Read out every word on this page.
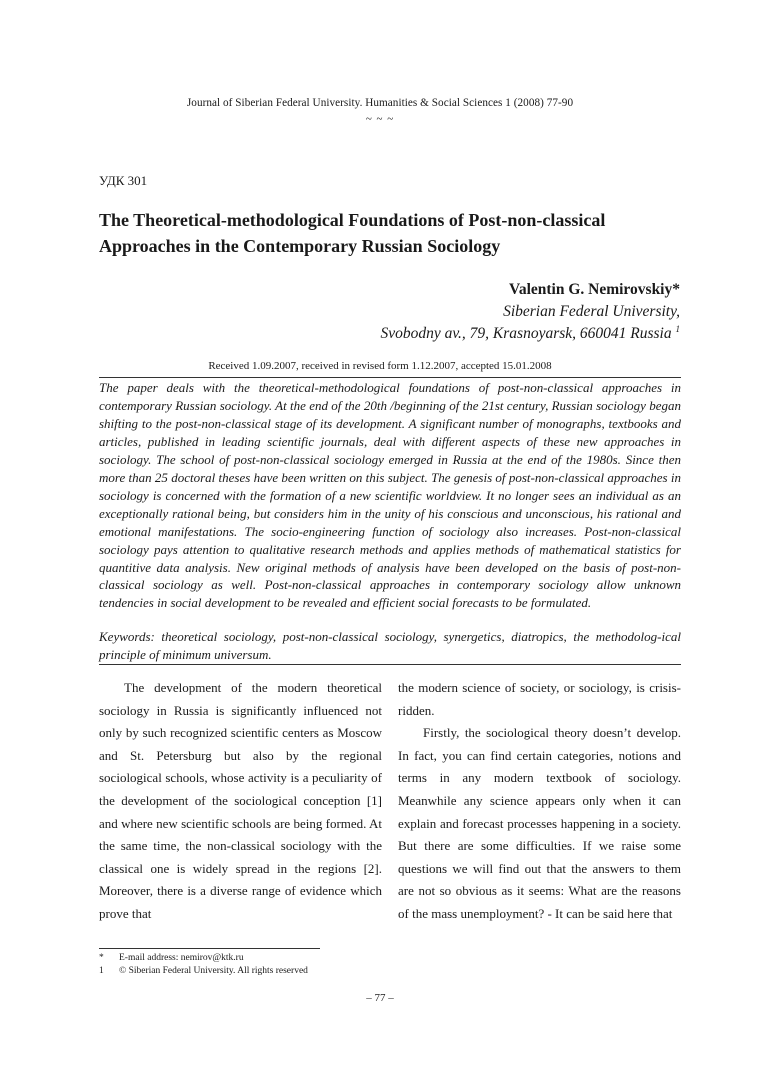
Journal of Siberian Federal University. Humanities & Social Sciences 1 (2008) 77-90
~ ~ ~
УДК 301
The Theoretical-methodological Foundations of Post-non-classical
Approaches in the Contemporary Russian Sociology
Valentin G. Nemirovskiy*
Siberian Federal University,
Svobodny av., 79, Krasnoyarsk, 660041 Russia $^1$
Received 1.09.2007, received in revised form 1.12.2007, accepted 15.01.2008
The paper deals with the theoretical-methodological foundations of post-non-classical approaches in contemporary Russian sociology. At the end of the 20th /beginning of the 21st century, Russian sociology began shifting to the post-non-classical stage of its development. A significant number of monographs, textbooks and articles, published in leading scientific journals, deal with different aspects of these new approaches in sociology. The school of post-non-classical sociology emerged in Russia at the end of the 1980s. Since then more than 25 doctoral theses have been written on this subject. The genesis of post-non-classical approaches in sociology is concerned with the formation of a new scientific worldview. It no longer sees an individual as an exceptionally rational being, but considers him in the unity of his conscious and unconscious, his rational and emotional manifestations. The socio-engineering function of sociology also increases. Post-non-classical sociology pays attention to qualitative research methods and applies methods of mathematical statistics for quantitive data analysis. New original methods of analysis have been developed on the basis of post-non-classical sociology as well. Post-non-classical approaches in contemporary sociology allow unknown tendencies in social development to be revealed and efficient social forecasts to be formulated.
Keywords: theoretical sociology, post-non-classical sociology, synergetics, diatropics, the methodolog-ical principle of minimum universum.

The development of the modern theoretical sociology in Russia is significantly influenced not only by such recognized scientific centers as Moscow and St. Petersburg but also by the regional sociological schools, whose activity is a peculiarity of the development of the sociological conception [1] and where new scientific schools are being formed. At the same time, the non-classical sociology with the classical one is widely spread in the regions [2]. Moreover, there is a diverse range of evidence which prove that

the modern science of society, or sociology, is crisis-ridden.

Firstly, the sociological theory doesn’t develop. In fact, you can find certain categories, notions and terms in any modern textbook of sociology. Meanwhile any science appears only when it can explain and forecast processes happening in a society. But there are some difficulties. If we raise some questions we will find out that the answers to them are not so obvious as it seems: What are the reasons of the mass unemployment? - It can be said here that

* E-mail address: nemirov@ktk.ru
1 © Siberian Federal University. All rights reserved
– 77 –
